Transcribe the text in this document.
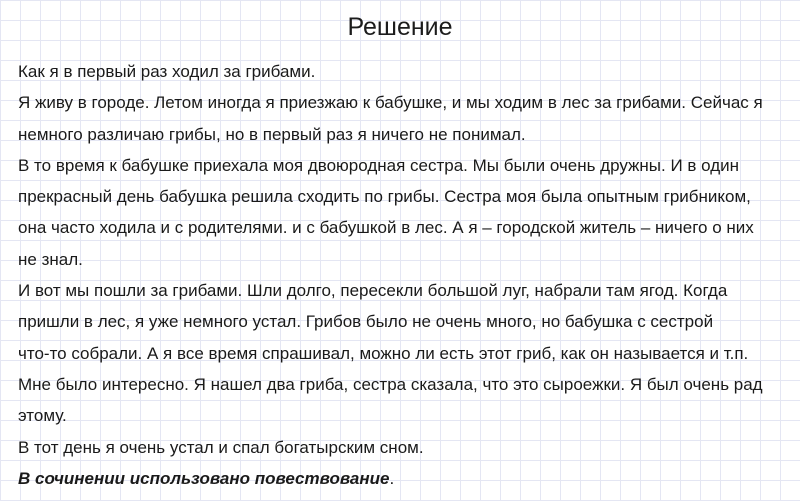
Решение

Как я в первый раз ходил за грибами.

Я живу в городе. Летом иногда я приезжаю к бабушке, и мы ходим в лес за грибами. Сейчас я

немного различаю грибы, но в первый раз я ничего не понимал.

В то время к бабушке приехала моя двоюродная сестра. Мы были очень дружны. И в один

прекрасный день бабушка решила сходить по грибы. Сестра моя была опытным грибником,

она часто ходила и с родителями. и с бабушкой в лес. А я – городской житель – ничего о них

не знал.

И вот мы пошли за грибами. Шли долго, пересекли большой луг, набрали там ягод. Когда

пришли в лес, я уже немного устал. Грибов было не очень много, но бабушка с сестрой

что-то собрали. А я все время спрашивал, можно ли есть этот гриб, как он называется и т.п.

Мне было интересно. Я нашел два гриба, сестра сказала, что это сыроежки. Я был очень рад

этому.

В тот день я очень устал и спал богатырским сном.

В сочинении использовано повествование.
